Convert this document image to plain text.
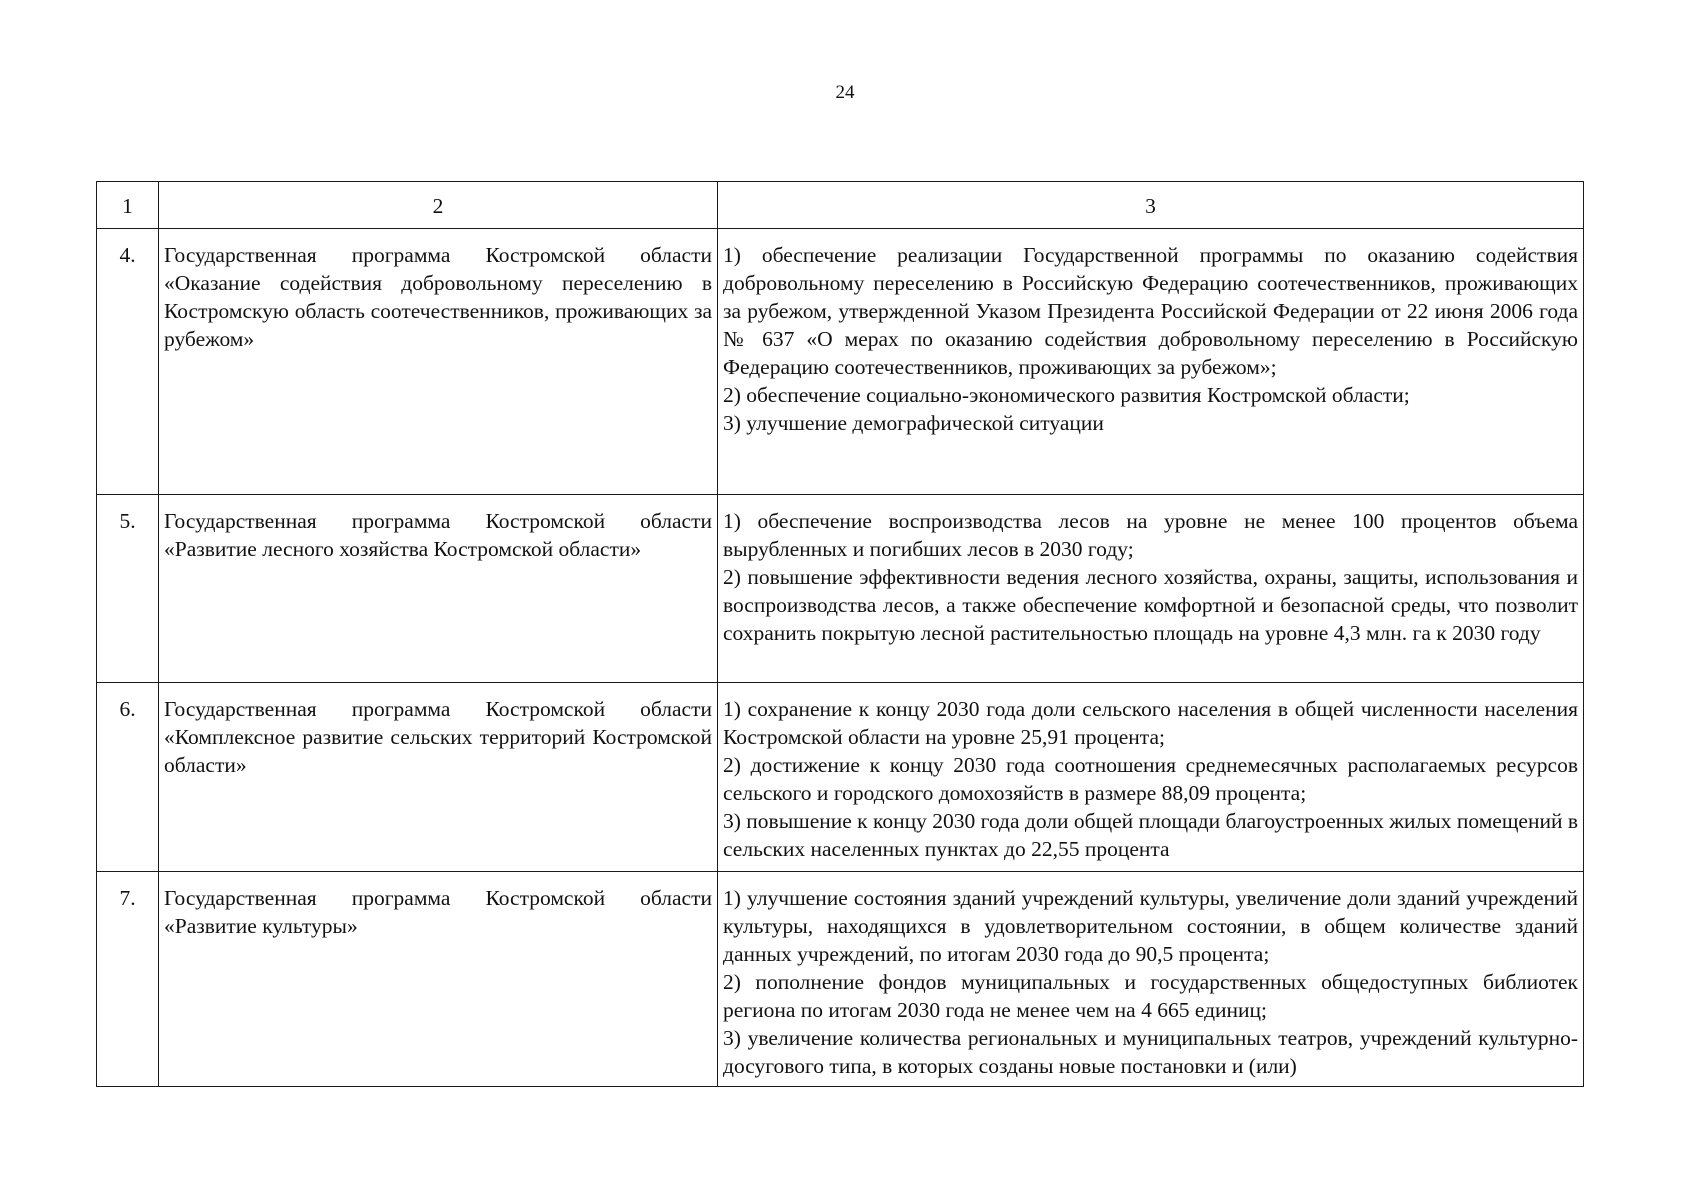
24
1	2	3
4.	Государственная программа Костромской области «Оказание содействия добровольному переселению в Костромскую область соотечественников, проживающих за рубежом»	1) обеспечение реализации Государственной программы по оказанию содействия добровольному переселению в Российскую Федерацию соотечественников, проживающих за рубежом, утвержденной Указом Президента Российской Федерации от 22 июня 2006 года № 637 «О мерах по оказанию содействия добровольному переселению в Российскую Федерацию соотечественников, проживающих за рубежом»;

2) обеспечение социально-экономического развития Костромской области;

3) улучшение демографической ситуации

5.	Государственная программа Костромской области «Развитие лесного хозяйства Костромской области»	1) обеспечение воспроизводства лесов на уровне не менее 100 процентов объема вырубленных и погибших лесов в 2030 году;

2) повышение эффективности ведения лесного хозяйства, охраны, защиты, использования и воспроизводства лесов, а также обеспечение комфортной и безопасной среды, что позволит сохранить покрытую лесной растительностью площадь на уровне 4,3 млн. га к 2030 году

6.	Государственная программа Костромской области «Комплексное развитие сельских территорий Костромской области»	1) сохранение к концу 2030 года доли сельского населения в общей численности населения Костромской области на уровне 25,91 процента;

2) достижение к концу 2030 года соотношения среднемесячных располагаемых ресурсов сельского и городского домохозяйств в размере 88,09 процента;

3) повышение к концу 2030 года доли общей площади благоустроенных жилых помещений в сельских населенных пунктах до 22,55 процента

7.	Государственная программа Костромской области «Развитие культуры»	1) улучшение состояния зданий учреждений культуры, увеличение доли зданий учреждений культуры, находящихся в удовлетворительном состоянии, в общем количестве зданий данных учреждений, по итогам 2030 года до 90,5 процента;

2) пополнение фондов муниципальных и государственных общедоступных библиотек региона по итогам 2030 года не менее чем на 4 665 единиц;

3) увеличение количества региональных и муниципальных театров, учреждений культурно-досугового типа, в которых созданы новые постановки и (или)
